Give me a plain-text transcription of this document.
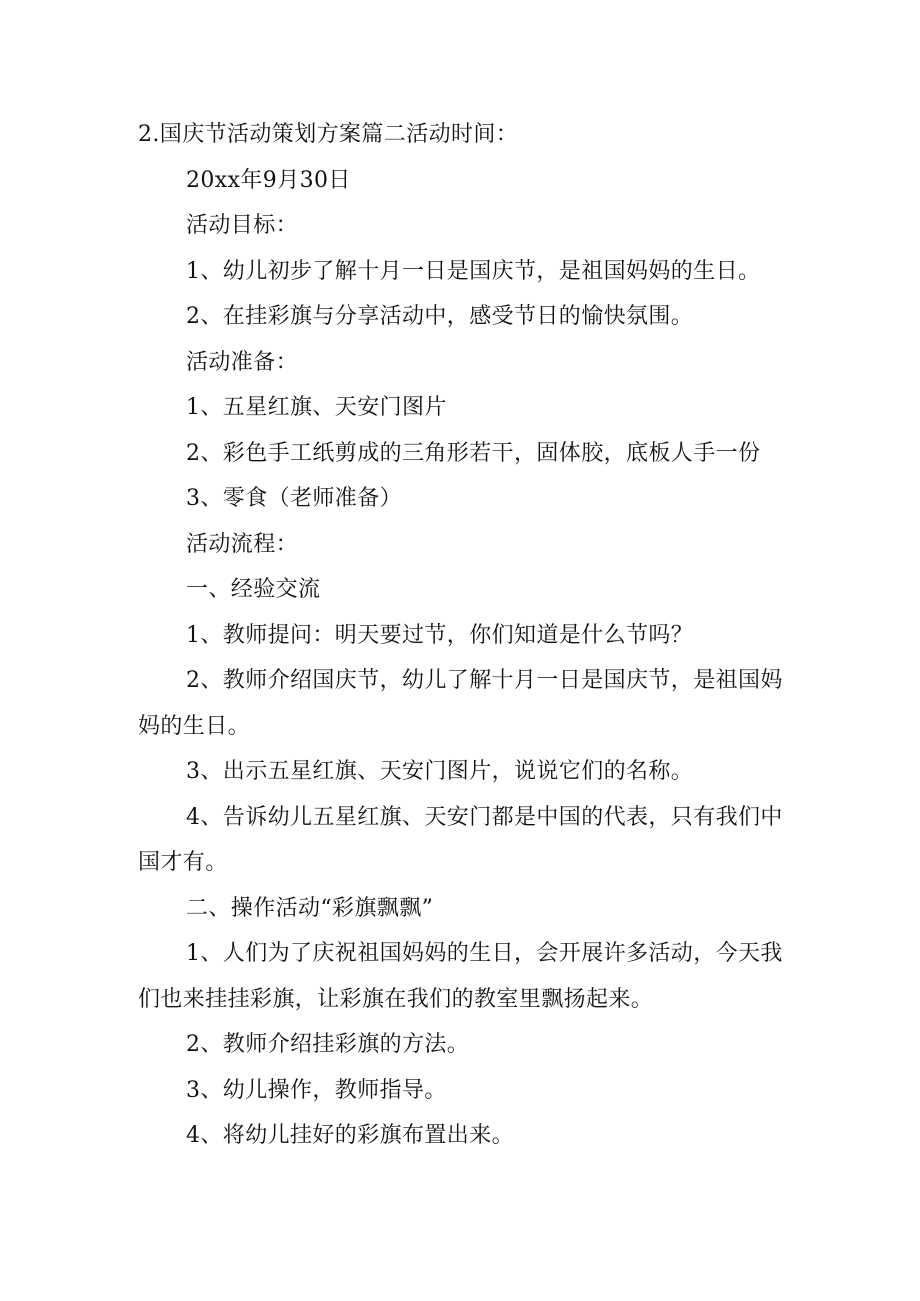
2.国庆节活动策划方案篇二活动时间：

20xx年9月30日

活动目标：

1、幼儿初步了解十月一日是国庆节，是祖国妈妈的生日。

2、在挂彩旗与分享活动中，感受节日的愉快氛围。

活动准备：

1、五星红旗、天安门图片

2、彩色手工纸剪成的三角形若干，固体胶，底板人手一份

3、零食（老师准备）

活动流程：

一、经验交流

1、教师提问：明天要过节，你们知道是什么节吗？

2、教师介绍国庆节，幼儿了解十月一日是国庆节，是祖国妈妈的生日。

3、出示五星红旗、天安门图片，说说它们的名称。

4、告诉幼儿五星红旗、天安门都是中国的代表，只有我们中国才有。

二、操作活动“彩旗飘飘”

1、人们为了庆祝祖国妈妈的生日，会开展许多活动，今天我们也来挂挂彩旗，让彩旗在我们的教室里飘扬起来。

2、教师介绍挂彩旗的方法。

3、幼儿操作，教师指导。

4、将幼儿挂好的彩旗布置出来。
